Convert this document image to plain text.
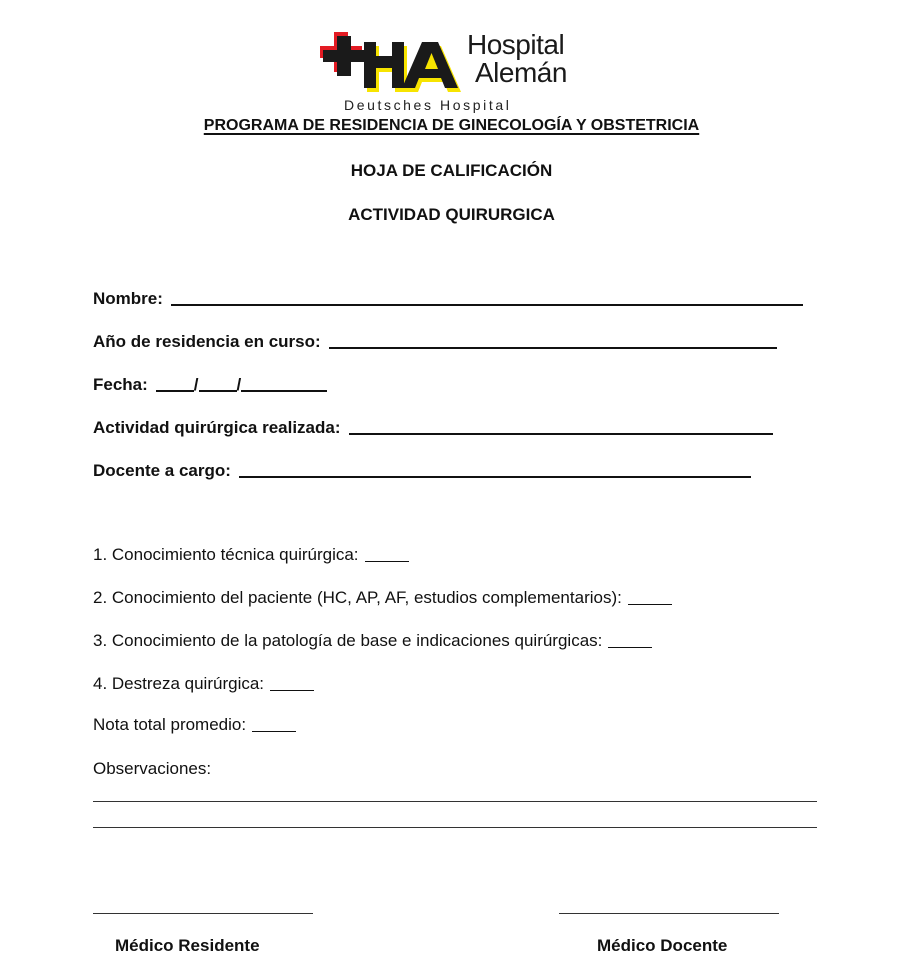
Hospital
Alemán
Deutsches Hospital
PROGRAMA DE RESIDENCIA DE GINECOLOGÍA Y OBSTETRICIA
HOJA DE CALIFICACIÓN
ACTIVIDAD QUIRURGICA
Nombre:
Año de residencia en curso:
Fecha:	/ /
Actividad quirúrgica realizada:
Docente a cargo:
1. Conocimiento técnica quirúrgica:
2. Conocimiento del paciente (HC, AP, AF, estudios complementarios):
3. Conocimiento de la patología de base e indicaciones quirúrgicas:
4. Destreza quirúrgica:
Nota total promedio:
Observaciones:
Médico Residente	Médico Docente
